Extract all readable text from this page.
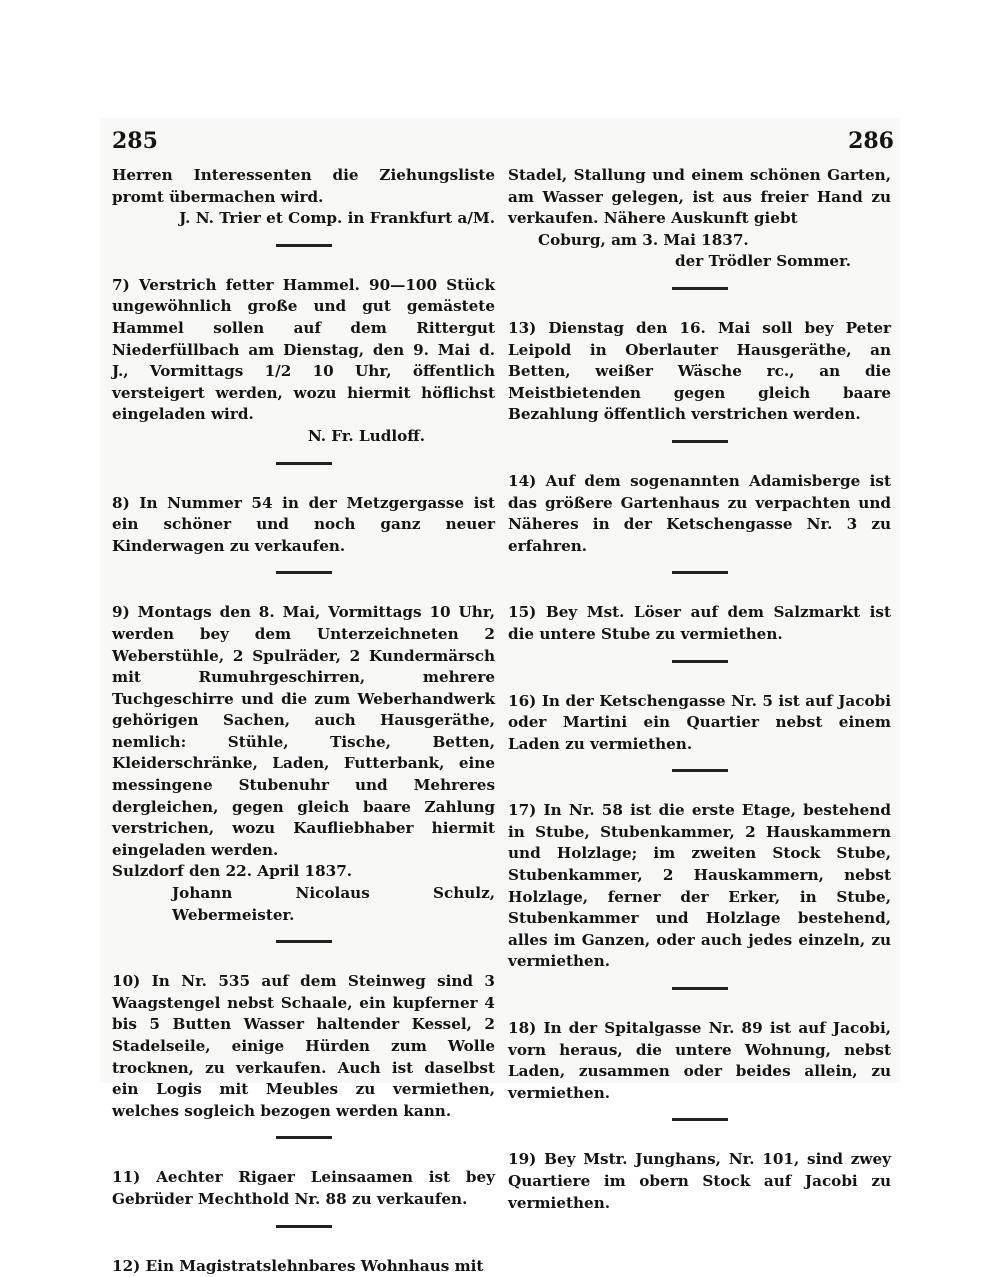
285	286

Herren Interessenten die Ziehungsliste promt übermachen wird.

J. N. Trier et Comp. in Frankfurt a/M.

7) Verstrich fetter Hammel. 90—100 Stück ungewöhnlich große und gut gemästete Hammel sollen auf dem Rittergut Niederfüllbach am Dienstag, den 9. Mai d. J., Vormittags 1/2 10 Uhr, öffentlich versteigert werden, wozu hiermit höflichst eingeladen wird.

N. Fr. Ludloff.

8) In Nummer 54 in der Metzgergasse ist ein schöner und noch ganz neuer Kinderwagen zu verkaufen.

9) Montags den 8. Mai, Vormittags 10 Uhr, werden bey dem Unterzeichneten 2 Weberstühle, 2 Spulräder, 2 Kundermärsch mit Rumuhrgeschirren, mehrere Tuchgeschirre und die zum Weberhandwerk gehörigen Sachen, auch Hausgeräthe, nemlich: Stühle, Tische, Betten, Kleiderschränke, Laden, Futterbank, eine messingene Stubenuhr und Mehreres dergleichen, gegen gleich baare Zahlung verstrichen, wozu Kaufliebhaber hiermit eingeladen werden.

Sulzdorf den 22. April 1837.

Johann Nicolaus Schulz, Webermeister.

10) In Nr. 535 auf dem Steinweg sind 3 Waagstengel nebst Schaale, ein kupferner 4 bis 5 Butten Wasser haltender Kessel, 2 Stadelseile, einige Hürden zum Wolle trocknen, zu verkaufen. Auch ist daselbst ein Logis mit Meubles zu vermiethen, welches sogleich bezogen werden kann.

11) Aechter Rigaer Leinsaamen ist bey Gebrüder Mechthold Nr. 88 zu verkaufen.

12) Ein Magistratslehnbares Wohnhaus mit

Stadel, Stallung und einem schönen Garten, am Wasser gelegen, ist aus freier Hand zu verkaufen. Nähere Auskunft giebt

Coburg, am 3. Mai 1837.

der Trödler Sommer.

13) Dienstag den 16. Mai soll bey Peter Leipold in Oberlauter Hausgeräthe, an Betten, weißer Wäsche rc., an die Meistbietenden gegen gleich baare Bezahlung öffentlich verstrichen werden.

14) Auf dem sogenannten Adamisberge ist das größere Gartenhaus zu verpachten und Näheres in der Ketschengasse Nr. 3 zu erfahren.

15) Bey Mst. Löser auf dem Salzmarkt ist die untere Stube zu vermiethen.

16) In der Ketschengasse Nr. 5 ist auf Jacobi oder Martini ein Quartier nebst einem Laden zu vermiethen.

17) In Nr. 58 ist die erste Etage, bestehend in Stube, Stubenkammer, 2 Hauskammern und Holzlage; im zweiten Stock Stube, Stubenkammer, 2 Hauskammern, nebst Holzlage, ferner der Erker, in Stube, Stubenkammer und Holzlage bestehend, alles im Ganzen, oder auch jedes einzeln, zu vermiethen.

18) In der Spitalgasse Nr. 89 ist auf Jacobi, vorn heraus, die untere Wohnung, nebst Laden, zusammen oder beides allein, zu vermiethen.

19) Bey Mstr. Junghans, Nr. 101, sind zwey Quartiere im obern Stock auf Jacobi zu vermiethen.
